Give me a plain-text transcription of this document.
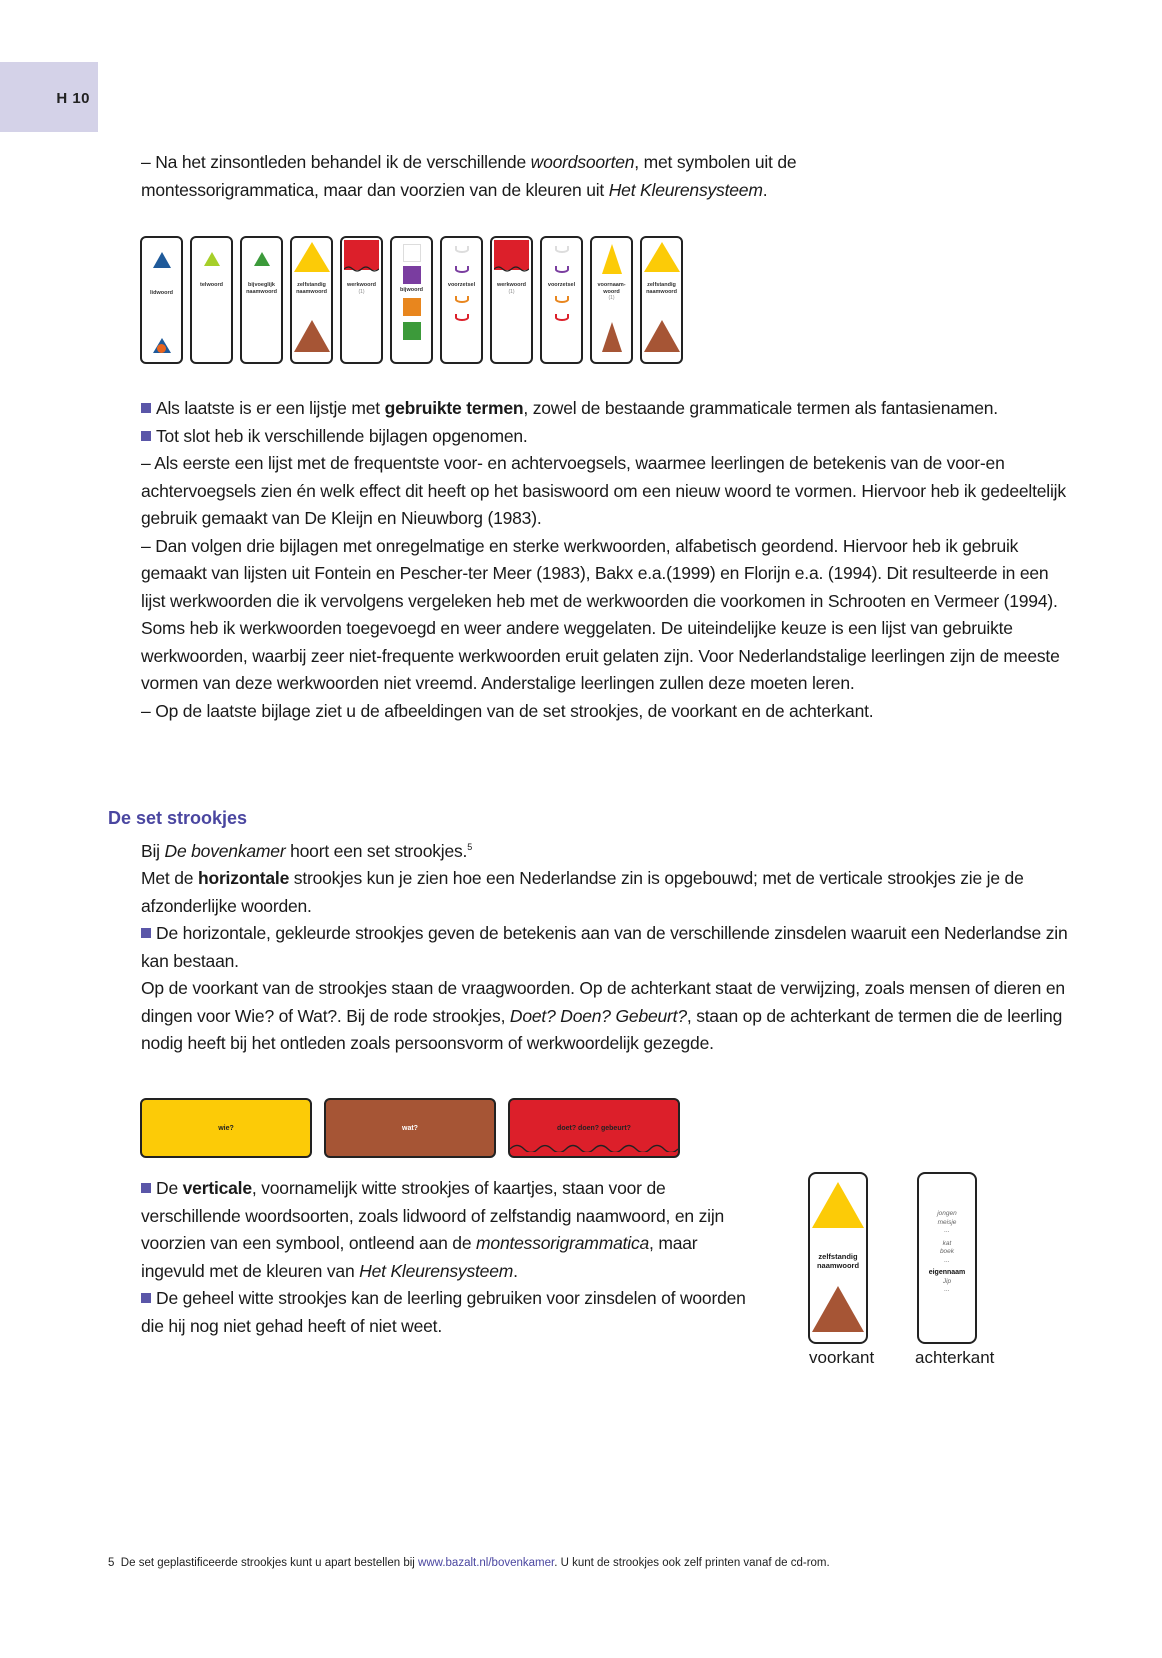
H 10

– Na het zinsontleden behandel ik de verschillende woordsoorten, met symbolen uit de
montessorigrammatica, maar dan voorzien van de kleuren uit Het Kleurensysteem.

lidwoord
telwoord	bijvoeglijk naamwoord
zelfstandig naamwoord
werkwoord
(1)	bijwoord
voorzetsel	werkwoord
(1)
voorzetsel	voornaam-woord
(1)
zelfstandig naamwoord

Als laatste is er een lijstje met gebruikte termen, zowel de bestaande grammaticale termen als fantasienamen.

Tot slot heb ik verschillende bijlagen opgenomen.

– Als eerste een lijst met de frequentste voor- en achtervoegsels, waarmee leerlingen de betekenis van de voor-en achtervoegsels zien én welk effect dit heeft op het basiswoord om een nieuw woord te vormen. Hiervoor heb ik gedeeltelijk gebruik gemaakt van De Kleijn en Nieuwborg (1983).

– Dan volgen drie bijlagen met onregelmatige en sterke werkwoorden, alfabetisch geordend. Hiervoor heb ik gebruik gemaakt van lijsten uit Fontein en Pescher-ter Meer (1983), Bakx e.a.(1999) en Florijn e.a. (1994). Dit resulteerde in een lijst werkwoorden die ik vervolgens vergeleken heb met de werkwoorden die voorkomen in Schrooten en Vermeer (1994). Soms heb ik werkwoorden toegevoegd en weer andere weggelaten. De uiteindelijke keuze is een lijst van gebruikte werkwoorden, waarbij zeer niet-frequente werkwoorden eruit gelaten zijn. Voor Nederlandstalige leerlingen zijn de meeste vormen van deze werkwoorden niet vreemd. Anderstalige leerlingen zullen deze moeten leren.

– Op de laatste bijlage ziet u de afbeeldingen van de set strookjes, de voorkant en de achterkant.

De set strookjes

Bij De bovenkamer hoort een set strookjes.$^5$

Met de horizontale strookjes kun je zien hoe een Nederlandse zin is opgebouwd; met de verticale strookjes zie je de afzonderlijke woorden.

De horizontale, gekleurde strookjes geven de betekenis aan van de verschillende zinsdelen waaruit een Nederlandse zin kan bestaan.

Op de voorkant van de strookjes staan de vraagwoorden. Op de achterkant staat de verwijzing, zoals mensen of dieren en dingen voor Wie? of Wat?. Bij de rode strookjes, Doet? Doen? Gebeurt?, staan op de achterkant de termen die de leerling nodig heeft bij het ontleden zoals persoonsvorm of werkwoordelijk gezegde.

wie?	wat?	doet? doen? gebeurt?

De verticale, voornamelijk witte strookjes of kaartjes, staan voor de verschillende woordsoorten, zoals lidwoord of zelfstandig naamwoord, en zijn voorzien van een symbool, ontleend aan de montessorigrammatica, maar ingevuld met de kleuren van Het Kleurensysteem.

De geheel witte strookjes kan de leerling gebruiken voor zinsdelen of woorden die hij nog niet gehad heeft of niet weet.

zelfstandig
naamwoord
jongen
meisje
...
kat
boek
...
eigennaam
Jip
...
voorkant achterkant
5 De set geplastificeerde strookjes kunt u apart bestellen bij www.bazalt.nl/bovenkamer. U kunt de strookjes ook zelf printen vanaf de cd-rom.
